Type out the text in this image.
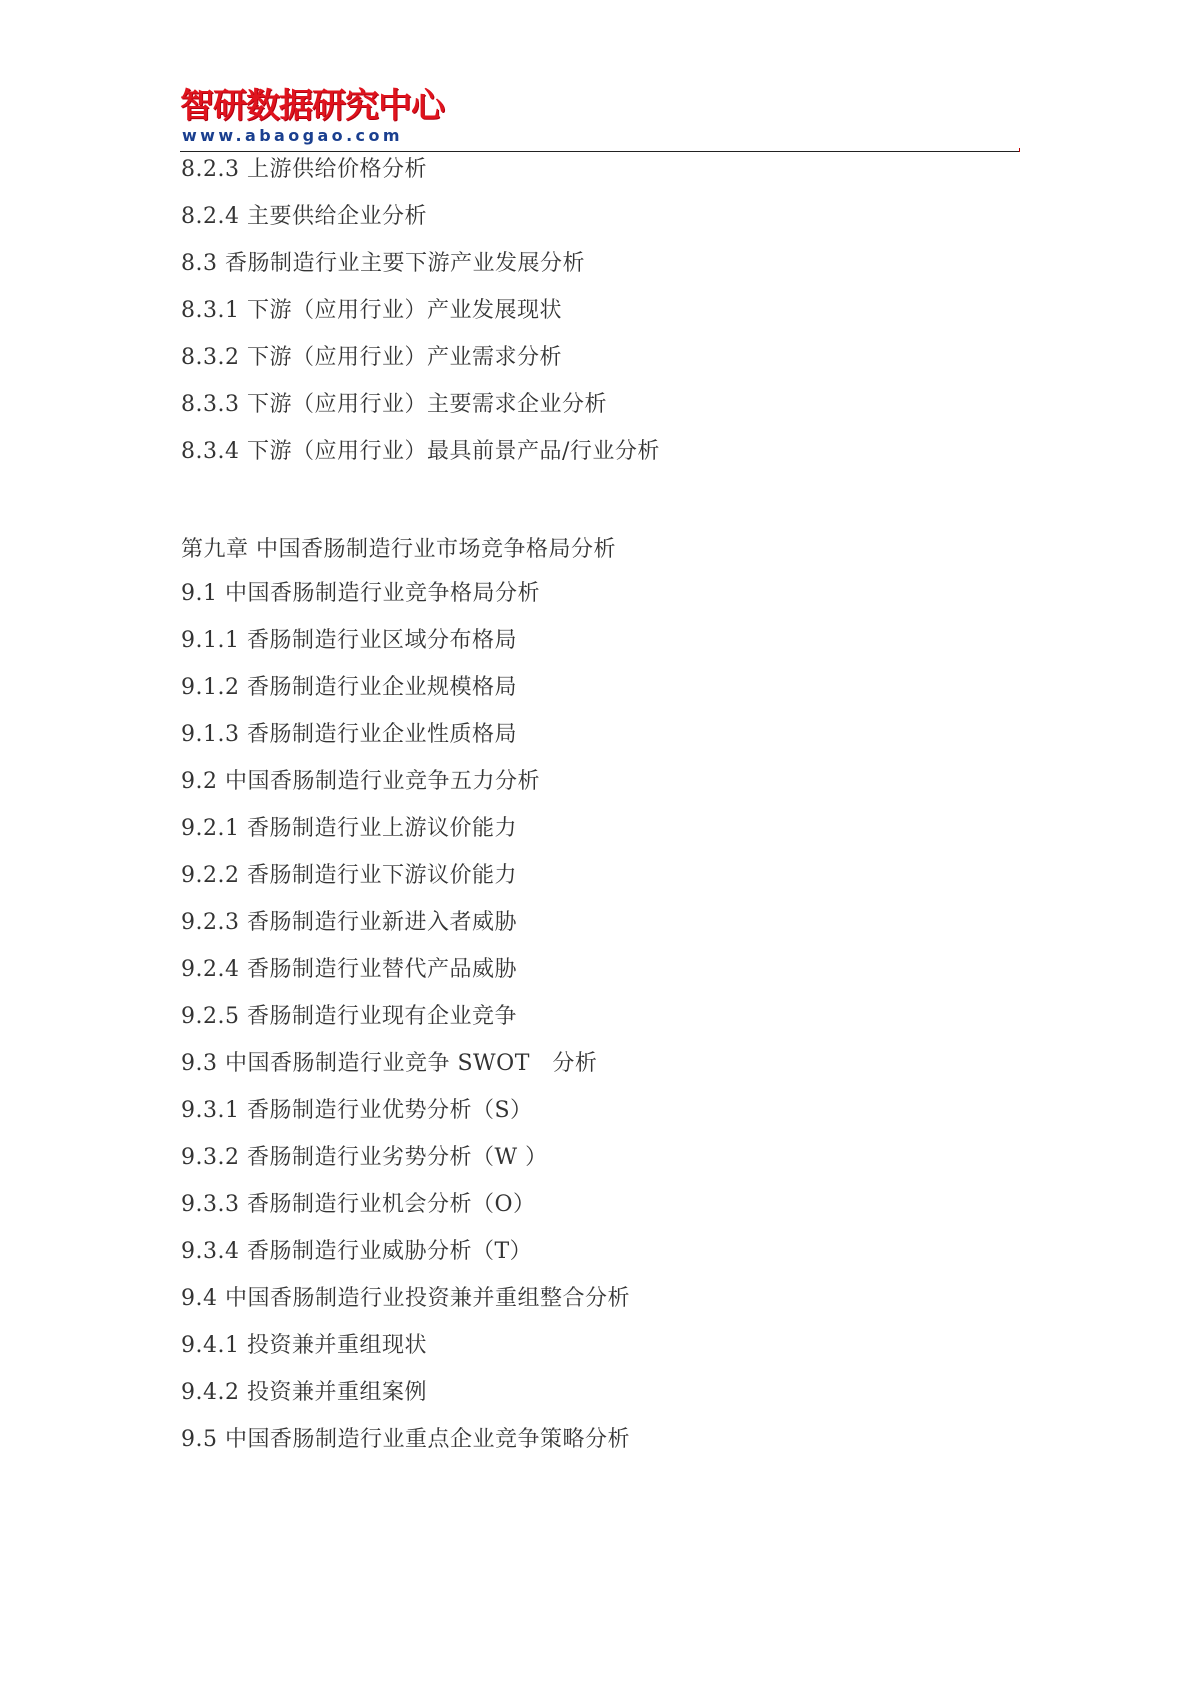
智研数据研究中心
www.abaogao.com
8.2.3 上游供给价格分析
8.2.4 主要供给企业分析
8.3 香肠制造行业主要下游产业发展分析
8.3.1 下游（应用行业）产业发展现状
8.3.2 下游（应用行业）产业需求分析
8.3.3 下游（应用行业）主要需求企业分析
8.3.4 下游（应用行业）最具前景产品/行业分析
第九章 中国香肠制造行业市场竞争格局分析
9.1 中国香肠制造行业竞争格局分析
9.1.1 香肠制造行业区域分布格局
9.1.2 香肠制造行业企业规模格局
9.1.3 香肠制造行业企业性质格局
9.2 中国香肠制造行业竞争五力分析
9.2.1 香肠制造行业上游议价能力
9.2.2 香肠制造行业下游议价能力
9.2.3 香肠制造行业新进入者威胁
9.2.4 香肠制造行业替代产品威胁
9.2.5 香肠制造行业现有企业竞争
9.3 中国香肠制造行业竞争 SWOT   分析
9.3.1 香肠制造行业优势分析（S）
9.3.2 香肠制造行业劣势分析（W ）
9.3.3 香肠制造行业机会分析（O）
9.3.4 香肠制造行业威胁分析（T）
9.4 中国香肠制造行业投资兼并重组整合分析
9.4.1 投资兼并重组现状
9.4.2 投资兼并重组案例
9.5 中国香肠制造行业重点企业竞争策略分析
